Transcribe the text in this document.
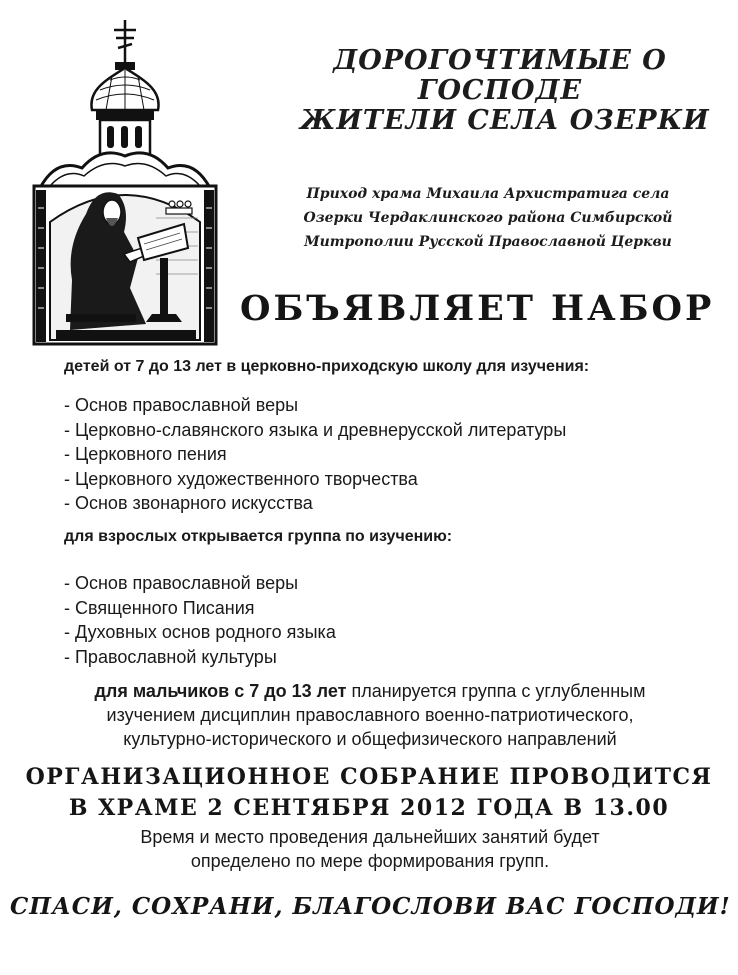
ДОРОГОЧТИМЫЕ О
ГОСПОДЕ
ЖИТЕЛИ СЕЛА ОЗЕРКИ
Приход храма Михаила Архистратига села
Озерки Чердаклинского района Симбирской
Митрополии Русской Православной Церкви
ОБЪЯВЛЯЕТ НАБОР
детей от 7 до 13 лет в церковно-приходскую школу для изучения:
- Основ православной веры
- Церковно-славянского языка и древнерусской литературы
- Церковного пения
- Церковного художественного творчества
- Основ звонарного искусства
для взрослых открывается группа по изучению:
- Основ православной веры
- Священного Писания
- Духовных основ родного языка
- Православной культуры
для мальчиков с 7 до 13 лет планируется группа с углубленным
изучением дисциплин православного военно-патриотического,
культурно-исторического и общефизического направлений
ОРГАНИЗАЦИОННОЕ СОБРАНИЕ ПРОВОДИТСЯ
В ХРАМЕ 2 СЕНТЯБРЯ 2012 ГОДА В 13.00
Время и место проведения дальнейших занятий будет
определено по мере формирования групп.
СПАСИ, СОХРАНИ, БЛАГОСЛОВИ ВАС ГОСПОДИ!
